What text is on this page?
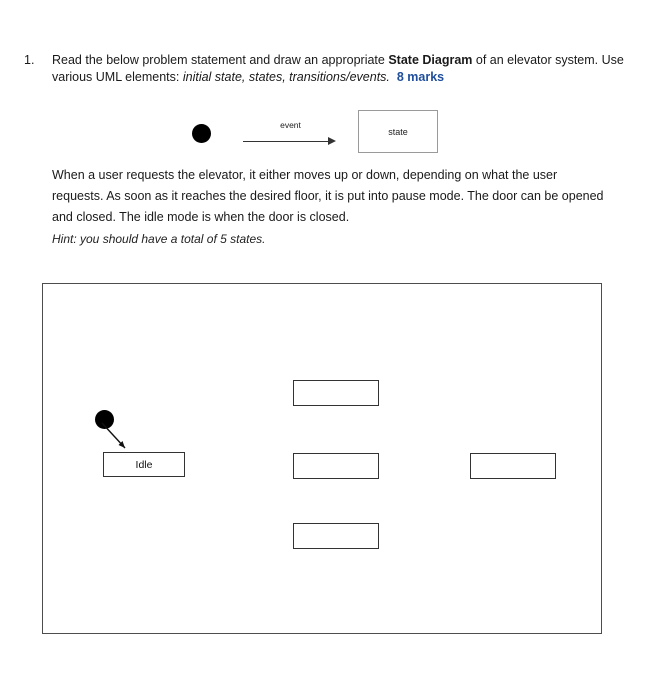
1.	Read the below problem statement and draw an appropriate State Diagram of an elevator system. Use various UML elements: initial state, states, transitions/events. 8 marks
event
state
When a user requests the elevator, it either moves up or down, depending on what the user requests. As soon as it reaches the desired floor, it is put into pause mode. The door can be opened and closed. The idle mode is when the door is closed.
Hint: you should have a total of 5 states.
Idle
